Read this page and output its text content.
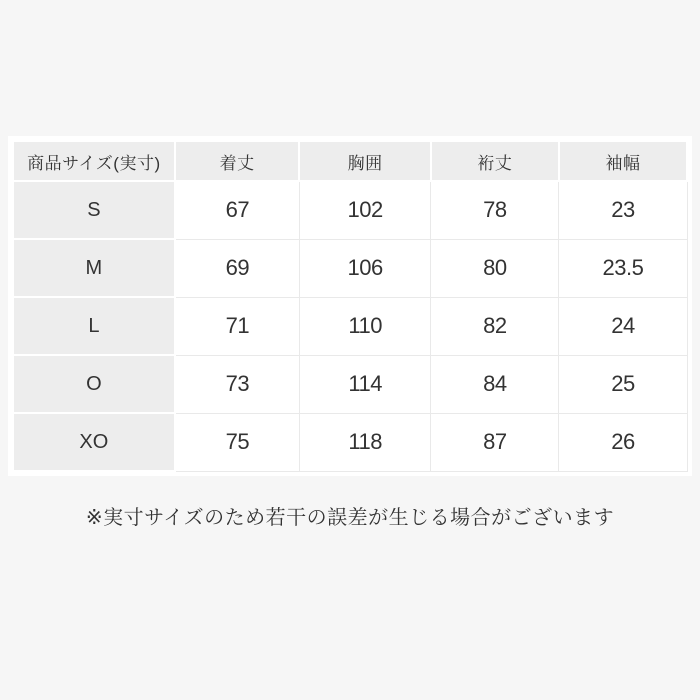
商品サイズ(実寸)	着丈	胸囲	裄丈	袖幅
S	67	102	78	23
M	69	106	80	23.5
L	71	110	82	24
O	73	114	84	25
XO	75	118	87	26
※実寸サイズのため若干の誤差が生じる場合がございます
